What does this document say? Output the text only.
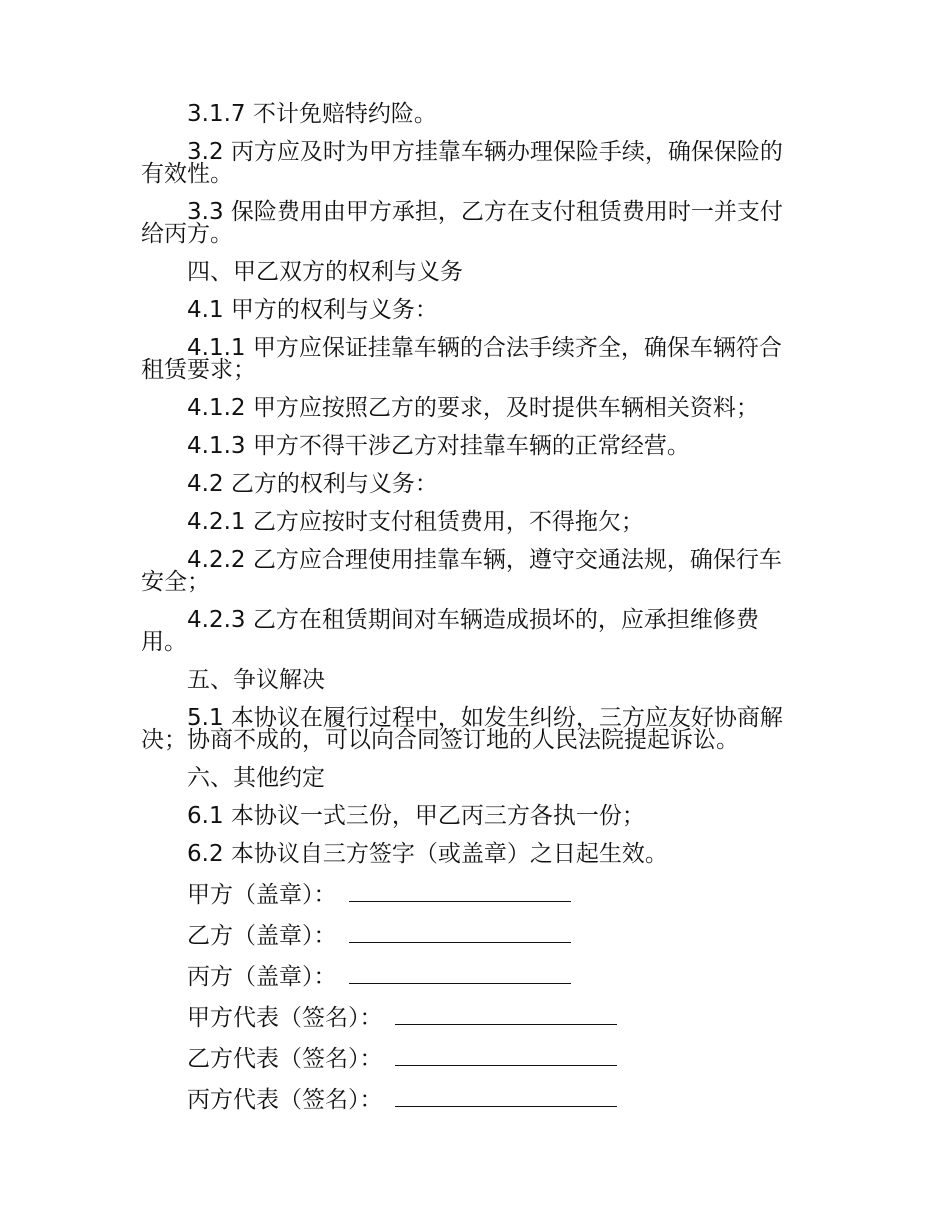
3.1.7 不计免赔特约险。

3.2 丙方应及时为甲方挂靠车辆办理保险手续，确保保险的有效性。

3.3 保险费用由甲方承担，乙方在支付租赁费用时一并支付给丙方。

四、甲乙双方的权利与义务

4.1 甲方的权利与义务：

4.1.1 甲方应保证挂靠车辆的合法手续齐全，确保车辆符合租赁要求；

4.1.2 甲方应按照乙方的要求，及时提供车辆相关资料；

4.1.3 甲方不得干涉乙方对挂靠车辆的正常经营。

4.2 乙方的权利与义务：

4.2.1 乙方应按时支付租赁费用，不得拖欠；

4.2.2 乙方应合理使用挂靠车辆，遵守交通法规，确保行车安全；

4.2.3 乙方在租赁期间对车辆造成损坏的，应承担维修费用。

五、争议解决

5.1 本协议在履行过程中，如发生纠纷，三方应友好协商解决；协商不成的，可以向合同签订地的人民法院提起诉讼。

六、其他约定

6.1 本协议一式三份，甲乙丙三方各执一份；

6.2 本协议自三方签字（或盖章）之日起生效。

甲方（盖章）：
乙方（盖章）：
丙方（盖章）：
甲方代表（签名）：
乙方代表（签名）：
丙方代表（签名）：
